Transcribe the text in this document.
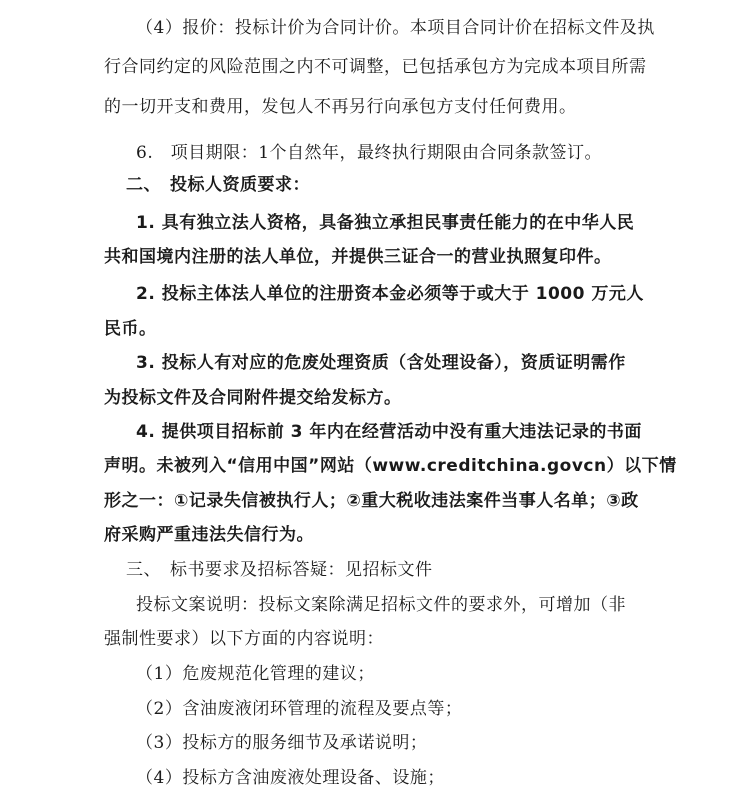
（4）报价：投标计价为合同计价。本项目合同计价在招标文件及执
行合同约定的风险范围之内不可调整，已包括承包方为完成本项目所需
的一切开支和费用，发包人不再另行向承包方支付任何费用。
6.　项目期限：1个自然年，最终执行期限由合同条款签订。
二、　投标人资质要求：
1. 具有独立法人资格，具备独立承担民事责任能力的在中华人民
共和国境内注册的法人单位，并提供三证合一的营业执照复印件。
2. 投标主体法人单位的注册资本金必须等于或大于 1000 万元人
民币。
3. 投标人有对应的危废处理资质（含处理设备），资质证明需作
为投标文件及合同附件提交给发标方。
4. 提供项目招标前 3 年内在经营活动中没有重大违法记录的书面
声明。未被列入“信用中国”网站（www.creditchina.govcn）以下情
形之一：①记录失信被执行人；②重大税收违法案件当事人名单；③政
府采购严重违法失信行为。
三、　标书要求及招标答疑：见招标文件
投标文案说明：投标文案除满足招标文件的要求外，可增加（非
强制性要求）以下方面的内容说明：
（1）危废规范化管理的建议；
（2）含油废液闭环管理的流程及要点等；
（3）投标方的服务细节及承诺说明；
（4）投标方含油废液处理设备、设施；
